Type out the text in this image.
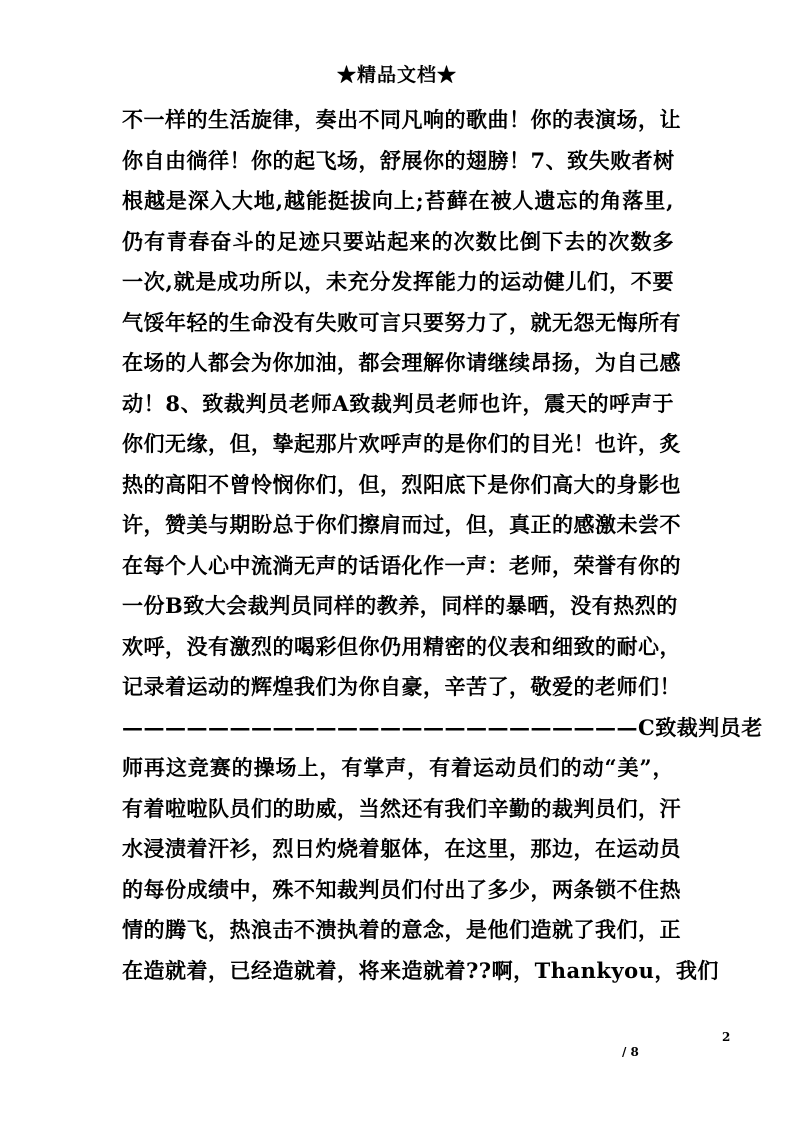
★精品文档★
不一样的生活旋律，奏出不同凡响的歌曲！你的表演场，让
你自由徜徉！你的起飞场，舒展你的翅膀！7、致失败者树
根越是深入大地,越能挺拔向上;苔藓在被人遗忘的角落里,
仍有青春奋斗的足迹只要站起来的次数比倒下去的次数多
一次,就是成功所以，未充分发挥能力的运动健儿们，不要
气馁年轻的生命没有失败可言只要努力了，就无怨无悔所有
在场的人都会为你加油，都会理解你请继续昂扬，为自己感
动！8、致裁判员老师A致裁判员老师也许，震天的呼声于
你们无缘，但，挚起那片欢呼声的是你们的目光！也许，炙
热的高阳不曾怜悯你们，但，烈阳底下是你们高大的身影也
许，赞美与期盼总于你们擦肩而过，但，真正的感激未尝不
在每个人心中流淌无声的话语化作一声：老师，荣誉有你的
一份B致大会裁判员同样的教养，同样的暴晒，没有热烈的
欢呼，没有激烈的喝彩但你仍用精密的仪表和细致的耐心，
记录着运动的辉煌我们为你自豪，辛苦了，敬爱的老师们！
————————————————————————C致裁判员老
师再这竞赛的操场上，有掌声，有着运动员们的动“美”，
有着啦啦队员们的助威，当然还有我们辛勤的裁判员们，汗
水浸渍着汗衫，烈日灼烧着躯体，在这里，那边，在运动员
的每份成绩中，殊不知裁判员们付出了多少，两条锁不住热
情的腾飞，热浪击不溃执着的意念，是他们造就了我们，正
在造就着，已经造就着，将来造就着??啊，Thankyou，我们
2
/ 8
